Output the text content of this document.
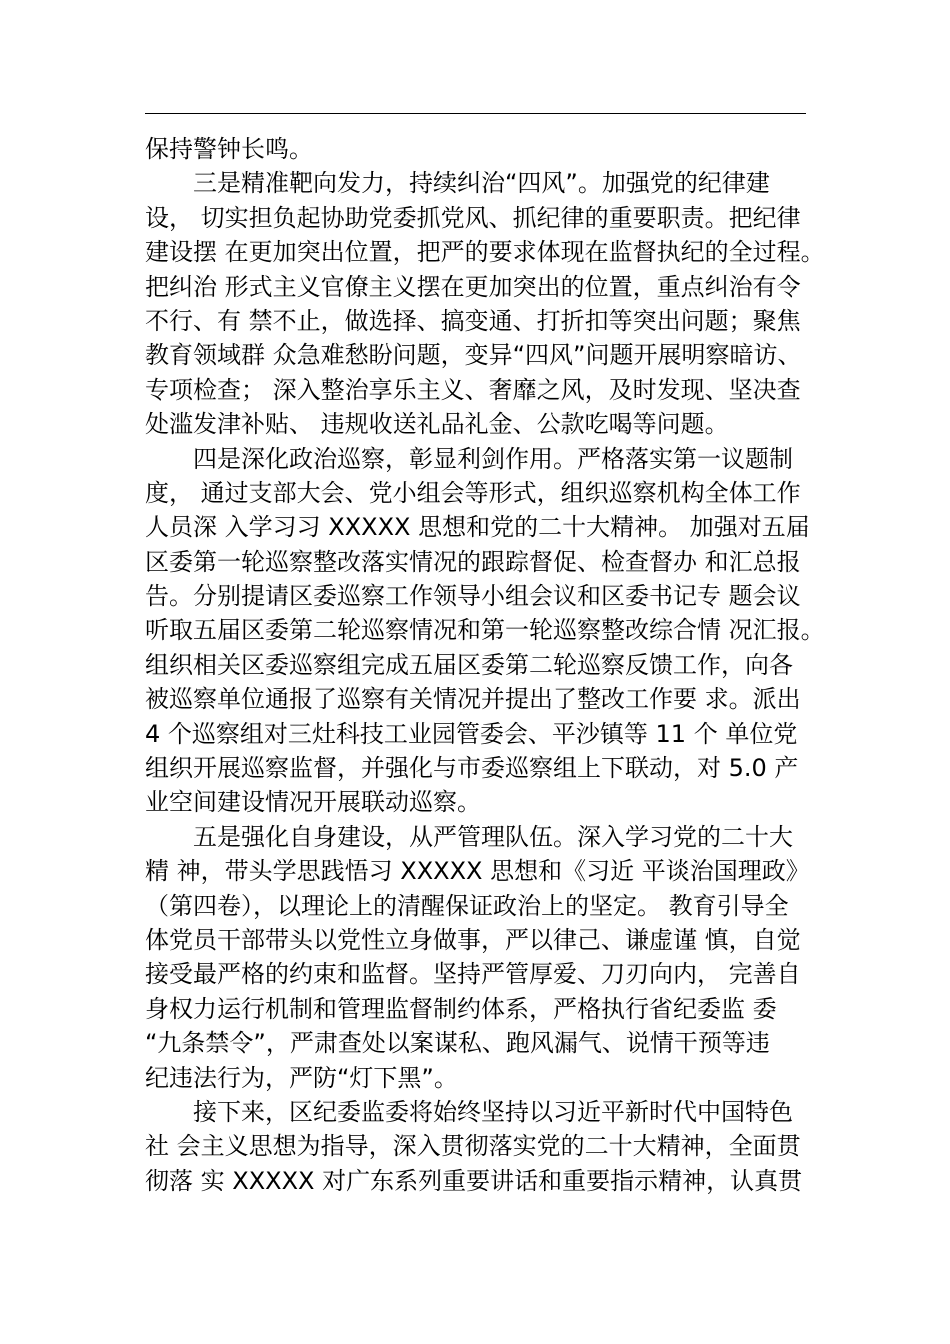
保持警钟长鸣。
三是精准靶向发力，持续纠治“四风”。加强党的纪律建
设， 切实担负起协助党委抓党风、抓纪律的重要职责。把纪律
建设摆 在更加突出位置，把严的要求体现在监督执纪的全过程。
把纠治 形式主义官僚主义摆在更加突出的位置，重点纠治有令
不行、有 禁不止，做选择、搞变通、打折扣等突出问题；聚焦
教育领域群 众急难愁盼问题，变异“四风”问题开展明察暗访、
专项检查； 深入整治享乐主义、奢靡之风，及时发现、坚决查
处滥发津补贴、 违规收送礼品礼金、公款吃喝等问题。
四是深化政治巡察，彰显利剑作用。严格落实第一议题制
度， 通过支部大会、党小组会等形式，组织巡察机构全体工作
人员深 入学习习 XXXXX 思想和党的二十大精神。 加强对五届
区委第一轮巡察整改落实情况的跟踪督促、检查督办 和汇总报
告。分别提请区委巡察工作领导小组会议和区委书记专 题会议
听取五届区委第二轮巡察情况和第一轮巡察整改综合情 况汇报。
组织相关区委巡察组完成五届区委第二轮巡察反馈工作，向各
被巡察单位通报了巡察有关情况并提出了整改工作要 求。派出
4 个巡察组对三灶科技工业园管委会、平沙镇等 11 个 单位党
组织开展巡察监督，并强化与市委巡察组上下联动，对 5.0 产
业空间建设情况开展联动巡察。
五是强化自身建设，从严管理队伍。深入学习党的二十大
精 神，带头学思践悟习 XXXXX 思想和《习近 平谈治国理政》
（第四卷），以理论上的清醒保证政治上的坚定。 教育引导全
体党员干部带头以党性立身做事，严以律己、谦虚谨 慎，自觉
接受最严格的约束和监督。坚持严管厚爱、刀刃向内， 完善自
身权力运行机制和管理监督制约体系，严格执行省纪委监 委
“九条禁令”，严肃查处以案谋私、跑风漏气、说情干预等违
纪违法行为，严防“灯下黑”。
接下来，区纪委监委将始终坚持以习近平新时代中国特色
社 会主义思想为指导，深入贯彻落实党的二十大精神，全面贯
彻落 实 XXXXX 对广东系列重要讲话和重要指示精神，认真贯
